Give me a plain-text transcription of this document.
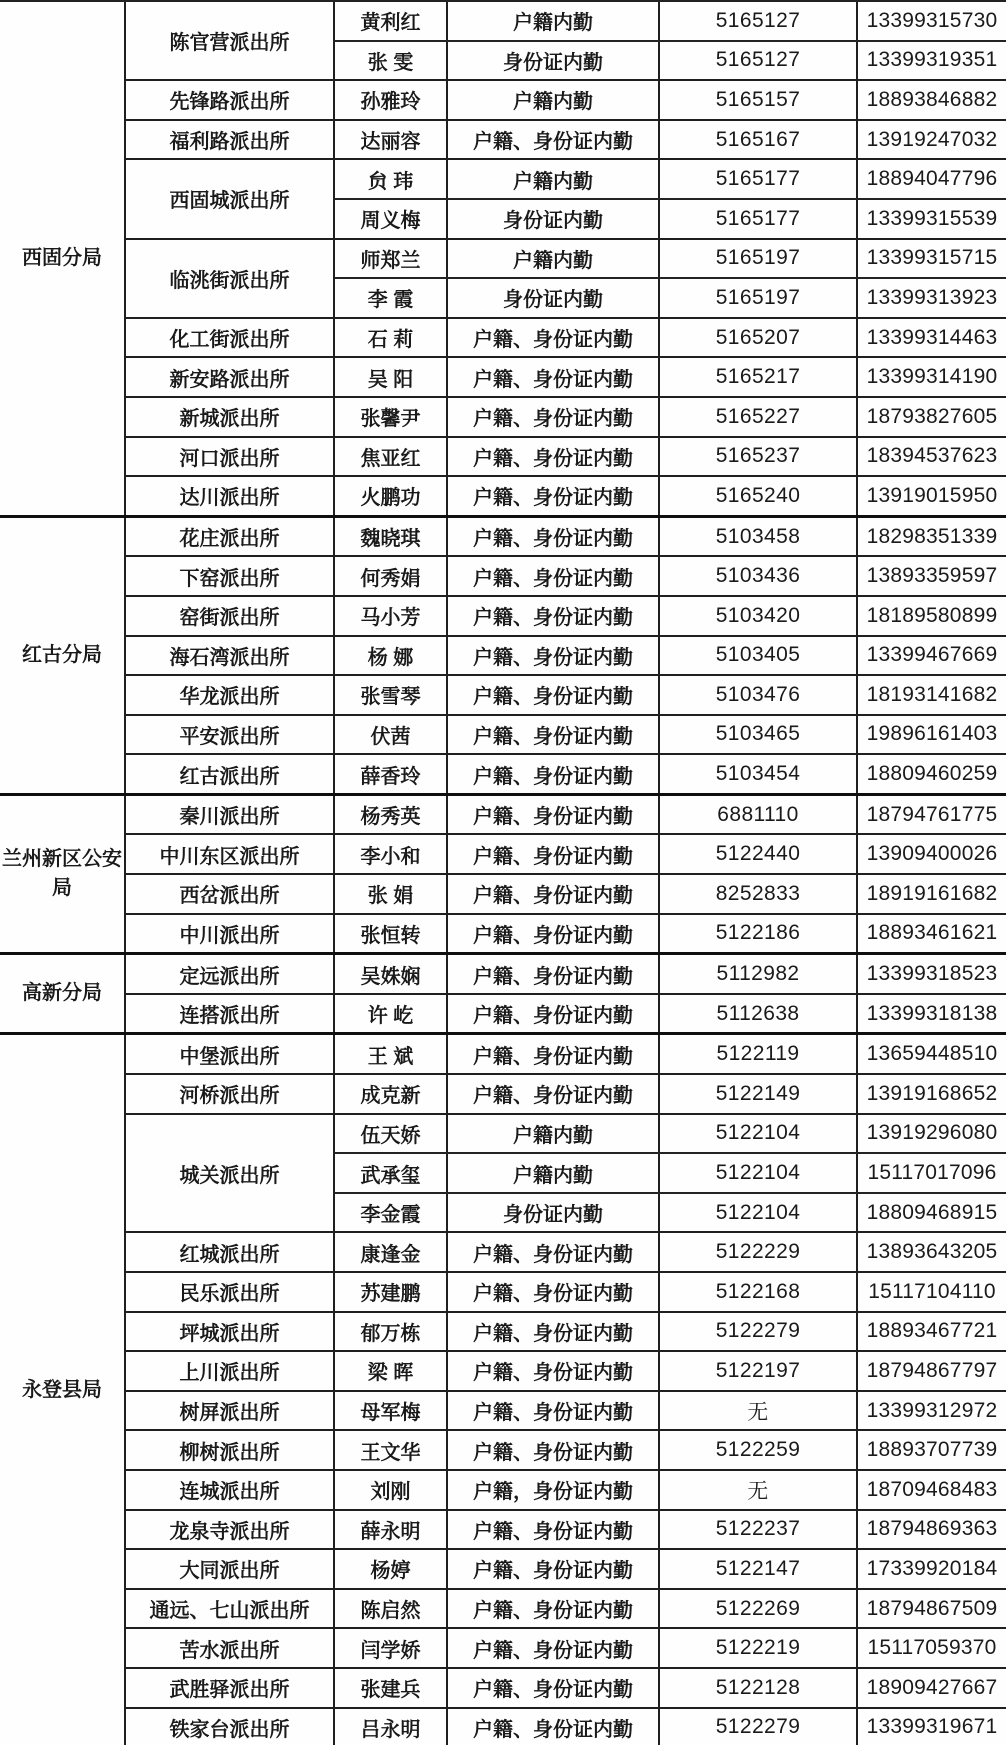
西固分局
陈官营派出所
黄利红	户籍内勤	5165127	13399315730
张 雯	身份证内勤	5165127	13399319351
先锋路派出所	孙雅玲	户籍内勤	5165157	18893846882
福利路派出所	达丽容	户籍、身份证内勤	5165167	13919247032
西固城派出所
贠 玮	户籍内勤	5165177	18894047796
周义梅	身份证内勤	5165177	13399315539
临洮街派出所
师郑兰	户籍内勤	5165197	13399315715
李 霞	身份证内勤	5165197	13399313923
化工街派出所	石 莉	户籍、身份证内勤	5165207	13399314463
新安路派出所	吴 阳	户籍、身份证内勤	5165217	13399314190
新城派出所	张馨尹	户籍、身份证内勤	5165227	18793827605
河口派出所	焦亚红	户籍、身份证内勤	5165237	18394537623
达川派出所	火鹏功	户籍、身份证内勤	5165240	13919015950
红古分局
花庄派出所	魏晓琪	户籍、身份证内勤	5103458	18298351339
下窑派出所	何秀娟	户籍、身份证内勤	5103436	13893359597
窑街派出所	马小芳	户籍、身份证内勤	5103420	18189580899
海石湾派出所	杨 娜	户籍、身份证内勤	5103405	13399467669
华龙派出所	张雪琴	户籍、身份证内勤	5103476	18193141682
平安派出所	伏茜	户籍、身份证内勤	5103465	19896161403
红古派出所	薛香玲	户籍、身份证内勤	5103454	18809460259
兰州新区公安局
秦川派出所	杨秀英	户籍、身份证内勤	6881110	18794761775
中川东区派出所	李小和	户籍、身份证内勤	5122440	13909400026
西岔派出所	张 娟	户籍、身份证内勤	8252833	18919161682
中川派出所	张恒转	户籍、身份证内勤	5122186	18893461621
高新分局
定远派出所	吴姝娴	户籍、身份证内勤	5112982	13399318523
连搭派出所	许 屹	户籍、身份证内勤	5112638	13399318138
永登县局
中堡派出所	王 斌	户籍、身份证内勤	5122119	13659448510
河桥派出所	成克新	户籍、身份证内勤	5122149	13919168652
城关派出所
伍天娇	户籍内勤	5122104	13919296080
武承玺	户籍内勤	5122104	15117017096
李金霞	身份证内勤	5122104	18809468915
红城派出所	康逢金	户籍、身份证内勤	5122229	13893643205
民乐派出所	苏建鹏	户籍、身份证内勤	5122168	15117104110
坪城派出所	郁万栋	户籍、身份证内勤	5122279	18893467721
上川派出所	梁 晖	户籍、身份证内勤	5122197	18794867797
树屏派出所	母军梅	户籍、身份证内勤	无	13399312972
柳树派出所	王文华	户籍、身份证内勤	5122259	18893707739
连城派出所	刘刚	户籍，身份证内勤	无	18709468483
龙泉寺派出所	薛永明	户籍、身份证内勤	5122237	18794869363
大同派出所	杨婷	户籍、身份证内勤	5122147	17339920184
通远、七山派出所	陈启然	户籍、身份证内勤	5122269	18794867509
苦水派出所	闫学娇	户籍、身份证内勤	5122219	15117059370
武胜驿派出所	张建兵	户籍、身份证内勤	5122128	18909427667
铁家台派出所	吕永明	户籍、身份证内勤	5122279	13399319671
